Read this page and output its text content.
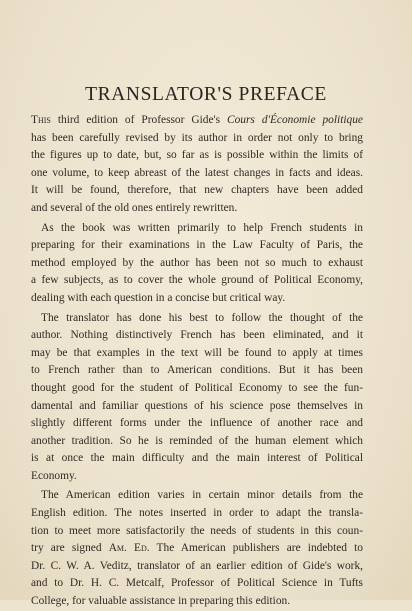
TRANSLATOR'S PREFACE
This third edition of Professor Gide's Cours d'Économie politique
has been carefully revised by its author in order not only to bring
the figures up to date, but, so far as is possible within the limits of
one volume, to keep abreast of the latest changes in facts and ideas.
It will be found, therefore, that new chapters have been added
and several of the old ones entirely rewritten.
As the book was written primarily to help French students in
preparing for their examinations in the Law Faculty of Paris, the
method employed by the author has been not so much to exhaust
a few subjects, as to cover the whole ground of Political Economy,
dealing with each question in a concise but critical way.
The translator has done his best to follow the thought of the
author. Nothing distinctively French has been eliminated, and it
may be that examples in the text will be found to apply at times
to French rather than to American conditions. But it has been
thought good for the student of Political Economy to see the fun-
damental and familiar questions of his science pose themselves in
slightly different forms under the influence of another race and
another tradition. So he is reminded of the human element which
is at once the main difficulty and the main interest of Political
Economy.
The American edition varies in certain minor details from the
English edition. The notes inserted in order to adapt the transla-
tion to meet more satisfactorily the needs of students in this coun-
try are signed Am. Ed. The American publishers are indebted to
Dr. C. W. A. Veditz, translator of an earlier edition of Gide's work,
and to Dr. H. C. Metcalf, Professor of Political Science in Tufts
College, for valuable assistance in preparing this edition.
